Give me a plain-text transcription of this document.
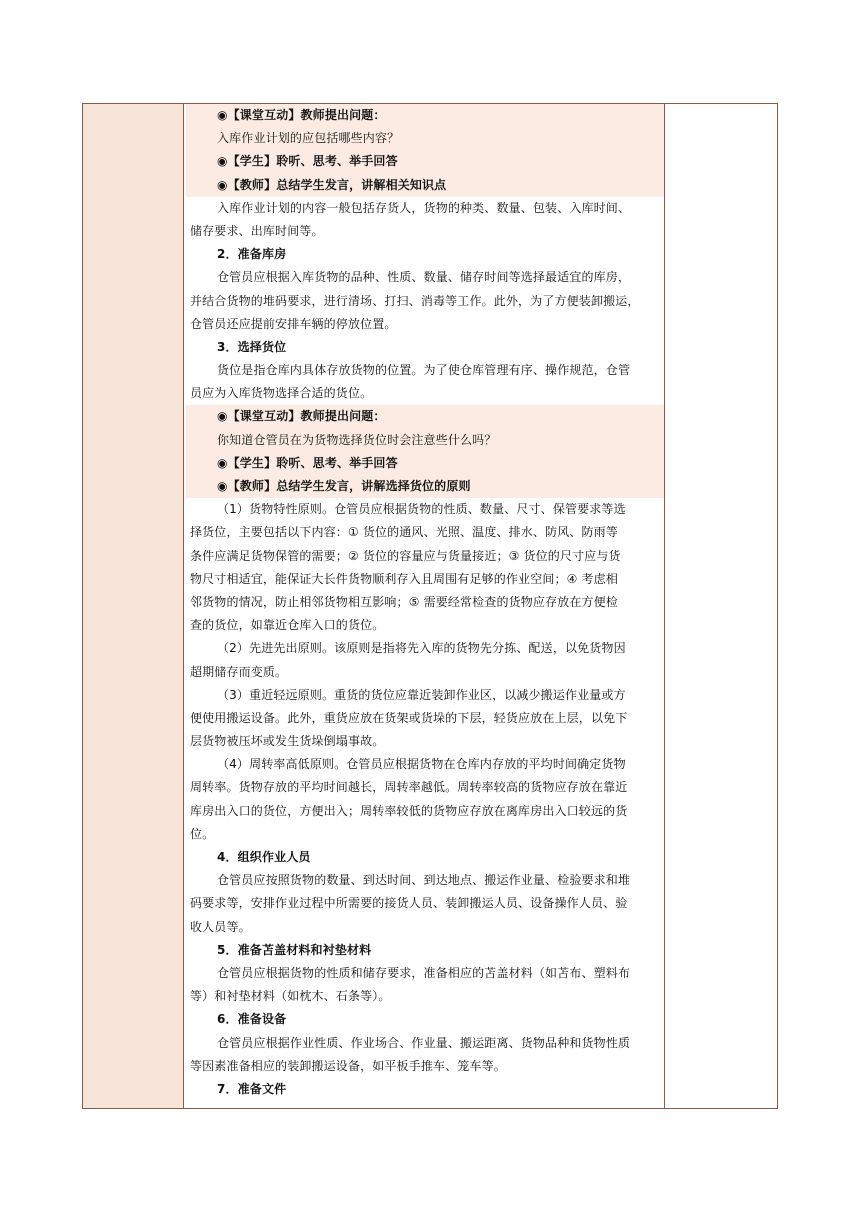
◉【课堂互动】教师提出问题：
入库作业计划的应包括哪些内容？
◉【学生】聆听、思考、举手回答
◉【教师】总结学生发言，讲解相关知识点
入库作业计划的内容一般包括存货人，货物的种类、数量、包装、入库时间、
储存要求、出库时间等。
2．准备库房
仓管员应根据入库货物的品种、性质、数量、储存时间等选择最适宜的库房，
并结合货物的堆码要求，进行清场、打扫、消毒等工作。此外，为了方便装卸搬运，
仓管员还应提前安排车辆的停放位置。
3．选择货位
货位是指仓库内具体存放货物的位置。为了使仓库管理有序、操作规范，仓管
员应为入库货物选择合适的货位。
◉【课堂互动】教师提出问题：
你知道仓管员在为货物选择货位时会注意些什么吗？
◉【学生】聆听、思考、举手回答
◉【教师】总结学生发言，讲解选择货位的原则
（1）货物特性原则。仓管员应根据货物的性质、数量、尺寸、保管要求等选
择货位，主要包括以下内容：① 货位的通风、光照、温度、排水、防风、防雨等
条件应满足货物保管的需要；② 货位的容量应与货量接近；③ 货位的尺寸应与货
物尺寸相适宜，能保证大长件货物顺利存入且周围有足够的作业空间；④ 考虑相
邻货物的情况，防止相邻货物相互影响；⑤ 需要经常检查的货物应存放在方便检
查的货位，如靠近仓库入口的货位。
（2）先进先出原则。该原则是指将先入库的货物先分拣、配送，以免货物因
超期储存而变质。
（3）重近轻远原则。重货的货位应靠近装卸作业区，以减少搬运作业量或方
便使用搬运设备。此外，重货应放在货架或货垛的下层，轻货应放在上层，以免下
层货物被压坏或发生货垛倒塌事故。
（4）周转率高低原则。仓管员应根据货物在仓库内存放的平均时间确定货物
周转率。货物存放的平均时间越长，周转率越低。周转率较高的货物应存放在靠近
库房出入口的货位，方便出入；周转率较低的货物应存放在离库房出入口较远的货
位。
4．组织作业人员
仓管员应按照货物的数量、到达时间、到达地点、搬运作业量、检验要求和堆
码要求等，安排作业过程中所需要的接货人员、装卸搬运人员、设备操作人员、验
收人员等。
5．准备苫盖材料和衬垫材料
仓管员应根据货物的性质和储存要求，准备相应的苫盖材料（如苫布、塑料布
等）和衬垫材料（如枕木、石条等）。
6．准备设备
仓管员应根据作业性质、作业场合、作业量、搬运距离、货物品种和货物性质
等因素准备相应的装卸搬运设备，如平板手推车、笼车等。
7．准备文件
